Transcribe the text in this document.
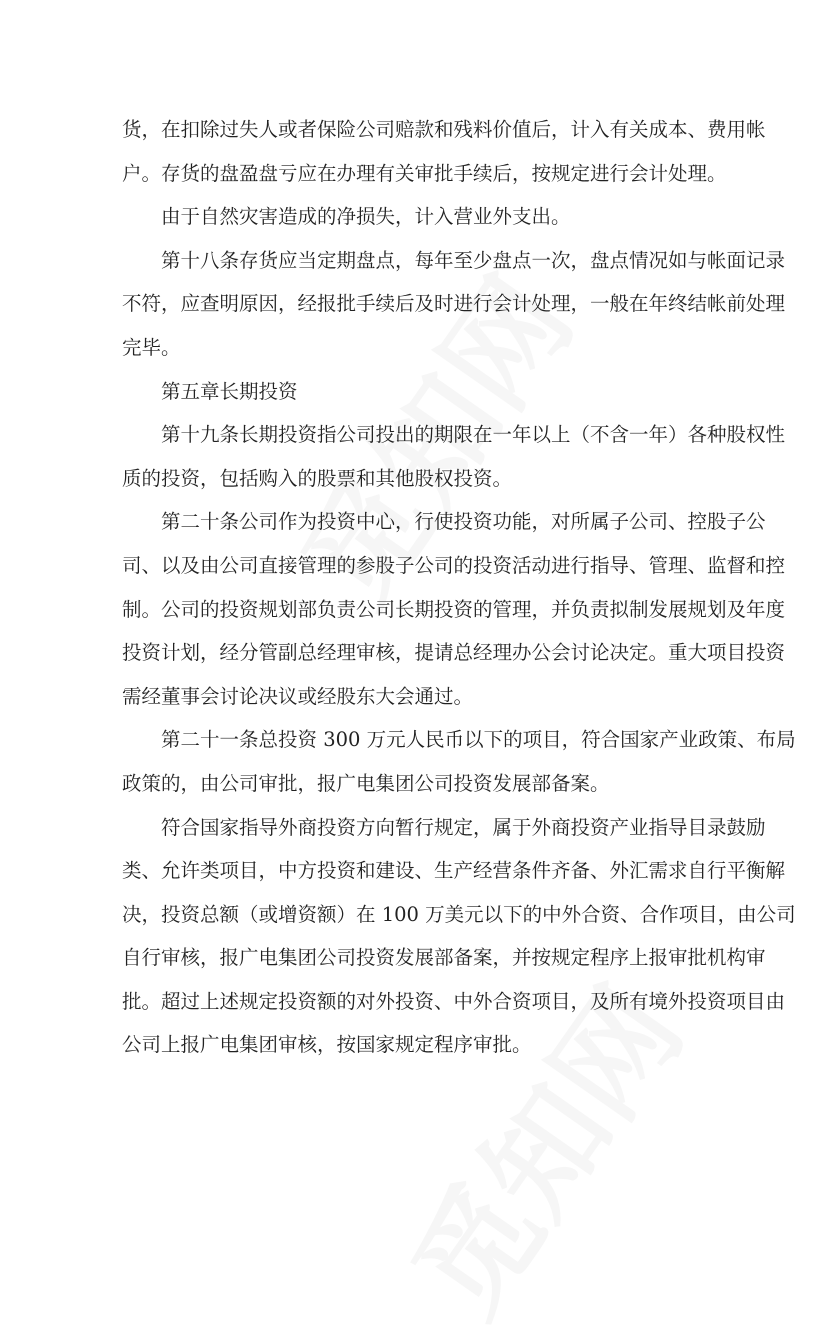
货，在扣除过失人或者保险公司赔款和残料价值后，计入有关成本、费用帐
户。存货的盘盈盘亏应在办理有关审批手续后，按规定进行会计处理。
由于自然灾害造成的净损失，计入营业外支出。
第十八条存货应当定期盘点，每年至少盘点一次，盘点情况如与帐面记录
不符，应查明原因，经报批手续后及时进行会计处理，一般在年终结帐前处理
完毕。
第五章长期投资
第十九条长期投资指公司投出的期限在一年以上（不含一年）各种股权性
质的投资，包括购入的股票和其他股权投资。
第二十条公司作为投资中心，行使投资功能，对所属子公司、控股子公
司、以及由公司直接管理的参股子公司的投资活动进行指导、管理、监督和控
制。公司的投资规划部负责公司长期投资的管理，并负责拟制发展规划及年度
投资计划，经分管副总经理审核，提请总经理办公会讨论决定。重大项目投资
需经董事会讨论决议或经股东大会通过。
第二十一条总投资 300 万元人民币以下的项目，符合国家产业政策、布局
政策的，由公司审批，报广电集团公司投资发展部备案。
符合国家指导外商投资方向暂行规定，属于外商投资产业指导目录鼓励
类、允许类项目，中方投资和建设、生产经营条件齐备、外汇需求自行平衡解
决，投资总额（或增资额）在 100 万美元以下的中外合资、合作项目，由公司
自行审核，报广电集团公司投资发展部备案，并按规定程序上报审批机构审
批。超过上述规定投资额的对外投资、中外合资项目，及所有境外投资项目由
公司上报广电集团审核，按国家规定程序审批。
